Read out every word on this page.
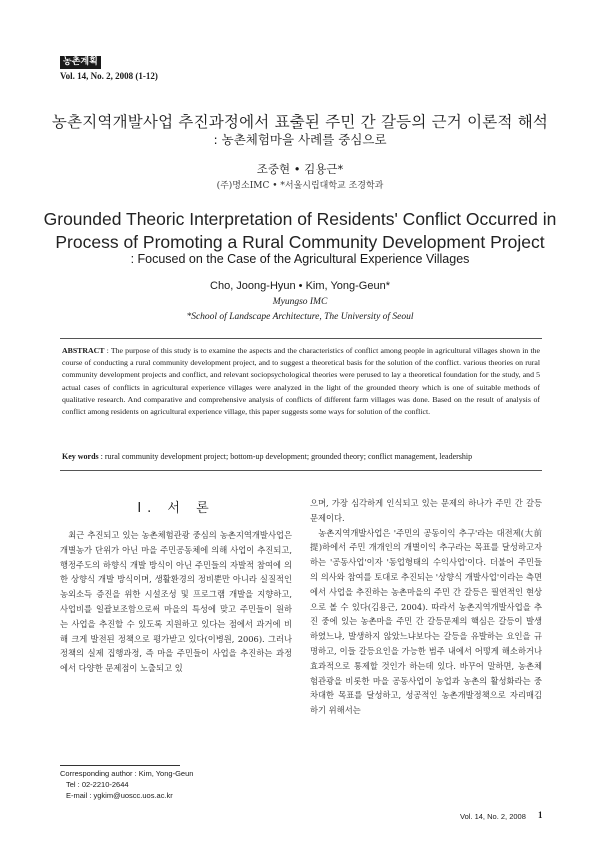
농촌계획
Vol. 14, No. 2, 2008 (1-12)
농촌지역개발사업 추진과정에서 표출된 주민 간 갈등의 근거 이론적 해석
: 농촌체험마을 사례를 중심으로
조중현 • 김용근*
(주)명소IMC • *서울시립대학교 조경학과
Grounded Theoric Interpretation of Residents' Conflict Occurred in
Process of Promoting a Rural Community Development Project
: Focused on the Case of the Agricultural Experience Villages
Cho, Joong-Hyun • Kim, Yong-Geun*
Myungso IMC
*School of Landscape Architecture, The University of Seoul
ABSTRACT : The purpose of this study is to examine the aspects and the characteristics of conflict among people in agricultural villages shown in the course of conducting a rural community development project, and to suggest a theoretical basis for the solution of the conflict. various theories on rural community development projects and conflict, and relevant sociopsychological theories were perused to lay a theoretical foundation for the study, and 5 actual cases of conflicts in agricultural experience villages were analyzed in the light of the grounded theory which is one of suitable methods of qualitative research. And comparative and comprehensive analysis of conflicts of different farm villages was done. Based on the result of analysis of conflict among residents on agricultural experience village, this paper suggests some ways for solution of the conflict.
Key words : rural community development project; bottom-up development; grounded theory; conflict management, leadership
I. 서 론

최근 추진되고 있는 농촌체험관광 중심의 농촌지역개발사업은 개별농가 단위가 아닌 마을 주민공동체에 의해 사업이 추진되고, 행정주도의 하향식 개발 방식이 아닌 주민들의 자발적 참여에 의한 상향식 개발 방식이며, 생활환경의 정비뿐만 아니라 실질적인 농외소득 증진을 위한 시설조성 및 프로그램 개발을 지향하고, 사업비를 일괄보조함으로써 마을의 특성에 맞고 주민들이 원하는 사업을 추진할 수 있도록 지원하고 있다는 점에서 과거에 비해 크게 발전된 정책으로 평가받고 있다(이병원, 2006). 그러나 정책의 실제 집행과정, 즉 마을 주민들이 사업을 추진하는 과정에서 다양한 문제점이 노출되고 있

으며, 가장 심각하게 인식되고 있는 문제의 하나가 주민 간 갈등문제이다.

농촌지역개발사업은 '주민의 공동이익 추구'라는 대전제(大前提)하에서 주민 개개인의 개별이익 추구라는 목표를 달성하고자 하는 '공동사업'이자 '동업형태의 수익사업'이다. 더불어 주민들의 의사와 참여를 토대로 추진되는 '상향식 개발사업'이라는 측면에서 사업을 추진하는 농촌마을의 주민 간 갈등은 필연적인 현상으로 볼 수 있다(김용근, 2004). 따라서 농촌지역개발사업을 추진 중에 있는 농촌마을 주민 간 갈등문제의 핵심은 갈등이 발생하였느냐, 발생하지 않았느냐보다는 갈등을 유발하는 요인을 규명하고, 이들 갈등요인을 가능한 범주 내에서 어떻게 해소하거나 효과적으로 통제할 것인가 하는데 있다. 바꾸어 말하면, 농촌체험관광을 비롯한 마을 공동사업이 농업과 농촌의 활성화라는 중차대한 목표를 달성하고, 성공적인 농촌개발정책으로 자리매김하기 위해서는

Corresponding author : Kim, Yong-Geun
Tel : 02-2210-2644
E-mail : ygkim@uoscc.uos.ac.kr
Vol. 14, No. 2, 2008 1
